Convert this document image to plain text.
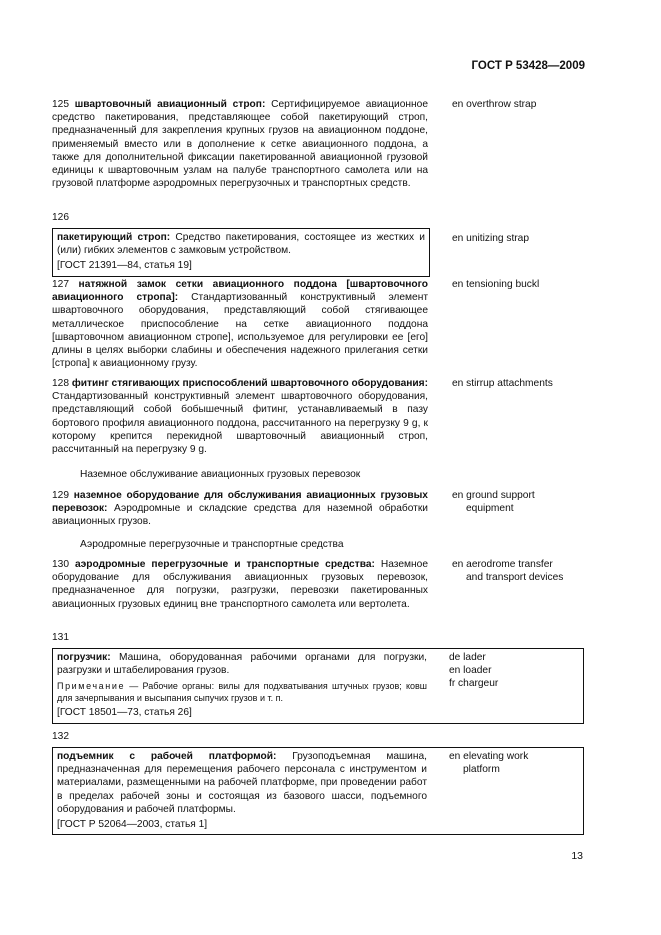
ГОСТ Р 53428—2009
125 швартовочный авиационный строп: Сертифицируемое авиационное средство пакетирования, представляющее собой пакетирующий строп, предназначенный для закрепления крупных грузов на авиационном поддоне, применяемый вместо или в дополнение к сетке авиационного поддона, а также для дополнительной фиксации пакетированной авиационной грузовой единицы к швартовочным узлам на палубе транспортного самолета или на грузовой платформе аэродромных перегрузочных и транспортных средств.
en overthrow strap
126
пакетирующий строп: Средство пакетирования, состоящее из жестких и (или) гибких элементов с замковым устройством.
[ГОСТ 21391—84, статья 19]
en unitizing strap
127 натяжной замок сетки авиационного поддона [швартовочного авиационного стропа]: Стандартизованный конструктивный элемент швартовочного оборудования, представляющий собой стягивающее металлическое приспособление на сетке авиационного поддона [швартовочном авиационном стропе], используемое для регулировки ее [его] длины в целях выборки слабины и обеспечения надежного прилегания сетки [стропа] к авиационному грузу.
en tensioning buckl
128 фитинг стягивающих приспособлений швартовочного оборудования: Стандартизованный конструктивный элемент швартовочного оборудования, представляющий собой бобышечный фитинг, устанавливаемый в пазу бортового профиля авиационного поддона, рассчитанного на перегрузку 9 g, к которому крепится перекидной швартовочный авиационный строп, рассчитанный на перегрузку 9 g.
en stirrup attachments
Наземное обслуживание авиационных грузовых перевозок
129 наземное оборудование для обслуживания авиационных грузовых перевозок: Аэродромные и складские средства для наземной обработки авиационных грузов.
en ground support
equipment
Аэродромные перегрузочные и транспортные средства
130 аэродромные перегрузочные и транспортные средства: Наземное оборудование для обслуживания авиационных грузовых перевозок, предназначенное для погрузки, разгрузки, перевозки пакетированных авиационных грузовых единиц вне транспортного самолета или вертолета.
en aerodrome transfer
and transport devices
131
погрузчик: Машина, оборудованная рабочими органами для погрузки, разгрузки и штабелирования грузов.
Примечание — Рабочие органы: вилы для подхватывания штучных грузов; ковш для зачерпывания и высыпания сыпучих грузов и т. п.
[ГОСТ 18501—73, статья 26]
de lader
en loader
fr chargeur
132
подъемник с рабочей платформой: Грузоподъемная машина, предназначенная для перемещения рабочего персонала с инструментом и материалами, размещенными на рабочей платформе, при проведении работ в пределах рабочей зоны и состоящая из базового шасси, подъемного оборудования и рабочей платформы.
[ГОСТ Р 52064—2003, статья 1]
en elevating work
platform
13
